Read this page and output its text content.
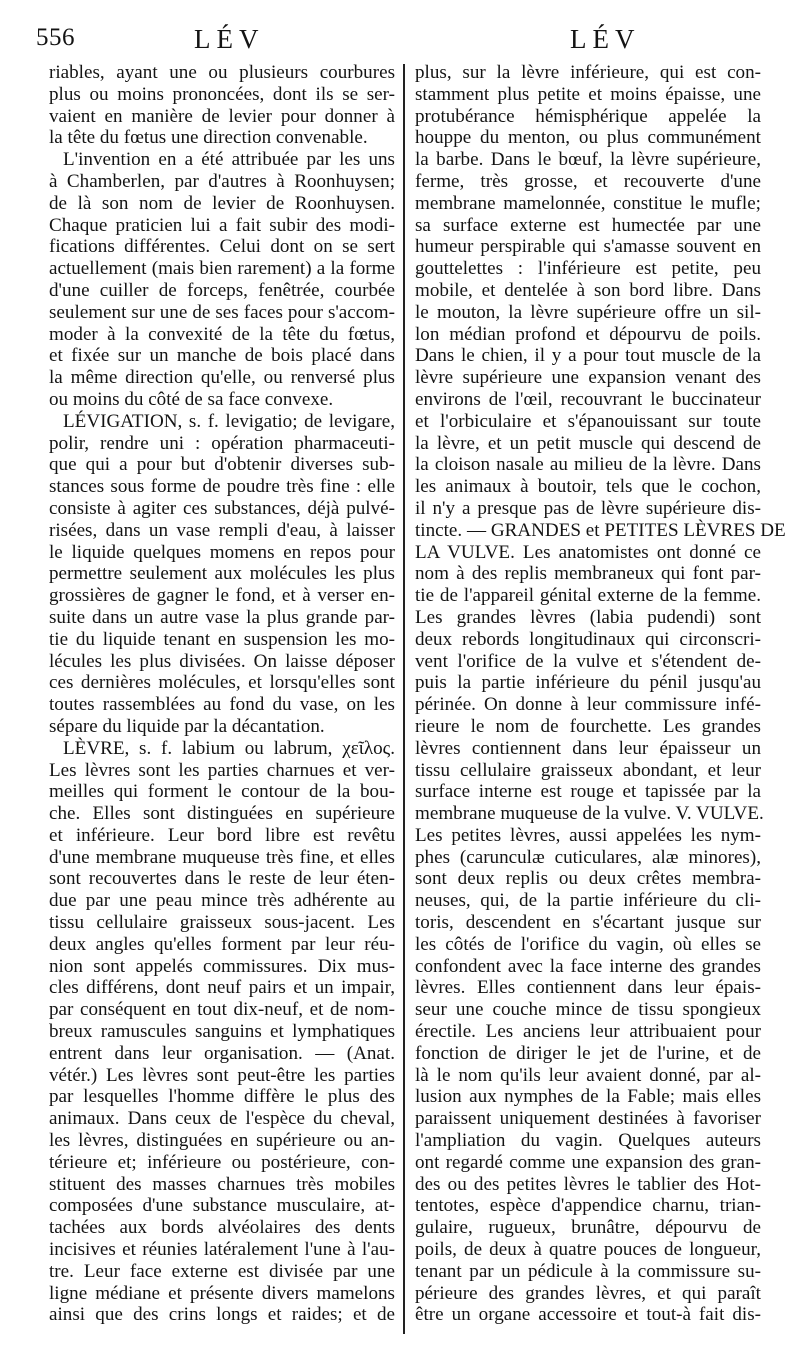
556	LÉV	LÉV
riables, ayant une ou plusieurs courbures
plus ou moins prononcées, dont ils se ser-
vaient en manière de levier pour donner à
la tête du fœtus une direction convenable.
L'invention en a été attribuée par les uns
à Chamberlen, par d'autres à Roonhuysen;
de là son nom de levier de Roonhuysen.
Chaque praticien lui a fait subir des modi-
fications différentes. Celui dont on se sert
actuellement (mais bien rarement) a la forme
d'une cuiller de forceps, fenêtrée, courbée
seulement sur une de ses faces pour s'accom-
moder à la convexité de la tête du fœtus,
et fixée sur un manche de bois placé dans
la même direction qu'elle, ou renversé plus
ou moins du côté de sa face convexe.
LÉVIGATION, s. f. levigatio; de levigare,
polir, rendre uni : opération pharmaceuti-
que qui a pour but d'obtenir diverses sub-
stances sous forme de poudre très fine : elle
consiste à agiter ces substances, déjà pulvé-
risées, dans un vase rempli d'eau, à laisser
le liquide quelques momens en repos pour
permettre seulement aux molécules les plus
grossières de gagner le fond, et à verser en-
suite dans un autre vase la plus grande par-
tie du liquide tenant en suspension les mo-
lécules les plus divisées. On laisse déposer
ces dernières molécules, et lorsqu'elles sont
toutes rassemblées au fond du vase, on les
sépare du liquide par la décantation.
LÈVRE, s. f. labium ou labrum, χεῖλος.
Les lèvres sont les parties charnues et ver-
meilles qui forment le contour de la bou-
che. Elles sont distinguées en supérieure
et inférieure. Leur bord libre est revêtu
d'une membrane muqueuse très fine, et elles
sont recouvertes dans le reste de leur éten-
due par une peau mince très adhérente au
tissu cellulaire graisseux sous-jacent. Les
deux angles qu'elles forment par leur réu-
nion sont appelés commissures. Dix mus-
cles différens, dont neuf pairs et un impair,
par conséquent en tout dix-neuf, et de nom-
breux ramuscules sanguins et lymphatiques
entrent dans leur organisation. — (Anat.
vétér.) Les lèvres sont peut-être les parties
par lesquelles l'homme diffère le plus des
animaux. Dans ceux de l'espèce du cheval,
les lèvres, distinguées en supérieure ou an-
térieure et; inférieure ou postérieure, con-
stituent des masses charnues très mobiles
composées d'une substance musculaire, at-
tachées aux bords alvéolaires des dents
incisives et réunies latéralement l'une à l'au-
tre. Leur face externe est divisée par une
ligne médiane et présente divers mamelons
ainsi que des crins longs et raides; et de
plus, sur la lèvre inférieure, qui est con-
stamment plus petite et moins épaisse, une
protubérance hémisphérique appelée la
houppe du menton, ou plus communément
la barbe. Dans le bœuf, la lèvre supérieure,
ferme, très grosse, et recouverte d'une
membrane mamelonnée, constitue le mufle;
sa surface externe est humectée par une
humeur perspirable qui s'amasse souvent en
gouttelettes : l'inférieure est petite, peu
mobile, et dentelée à son bord libre. Dans
le mouton, la lèvre supérieure offre un sil-
lon médian profond et dépourvu de poils.
Dans le chien, il y a pour tout muscle de la
lèvre supérieure une expansion venant des
environs de l'œil, recouvrant le buccinateur
et l'orbiculaire et s'épanouissant sur toute
la lèvre, et un petit muscle qui descend de
la cloison nasale au milieu de la lèvre. Dans
les animaux à boutoir, tels que le cochon,
il n'y a presque pas de lèvre supérieure dis-
tincte. — GRANDES et PETITES LÈVRES DE
LA VULVE. Les anatomistes ont donné ce
nom à des replis membraneux qui font par-
tie de l'appareil génital externe de la femme.
Les grandes lèvres (labia pudendi) sont
deux rebords longitudinaux qui circonscri-
vent l'orifice de la vulve et s'étendent de-
puis la partie inférieure du pénil jusqu'au
périnée. On donne à leur commissure infé-
rieure le nom de fourchette. Les grandes
lèvres contiennent dans leur épaisseur un
tissu cellulaire graisseux abondant, et leur
surface interne est rouge et tapissée par la
membrane muqueuse de la vulve. V. VULVE.
Les petites lèvres, aussi appelées les nym-
phes (carunculæ cuticulares, alæ minores),
sont deux replis ou deux crêtes membra-
neuses, qui, de la partie inférieure du cli-
toris, descendent en s'écartant jusque sur
les côtés de l'orifice du vagin, où elles se
confondent avec la face interne des grandes
lèvres. Elles contiennent dans leur épais-
seur une couche mince de tissu spongieux
érectile. Les anciens leur attribuaient pour
fonction de diriger le jet de l'urine, et de
là le nom qu'ils leur avaient donné, par al-
lusion aux nymphes de la Fable; mais elles
paraissent uniquement destinées à favoriser
l'ampliation du vagin. Quelques auteurs
ont regardé comme une expansion des gran-
des ou des petites lèvres le tablier des Hot-
tentotes, espèce d'appendice charnu, trian-
gulaire, rugueux, brunâtre, dépourvu de
poils, de deux à quatre pouces de longueur,
tenant par un pédicule à la commissure su-
périeure des grandes lèvres, et qui paraît
être un organe accessoire et tout-à fait dis-
